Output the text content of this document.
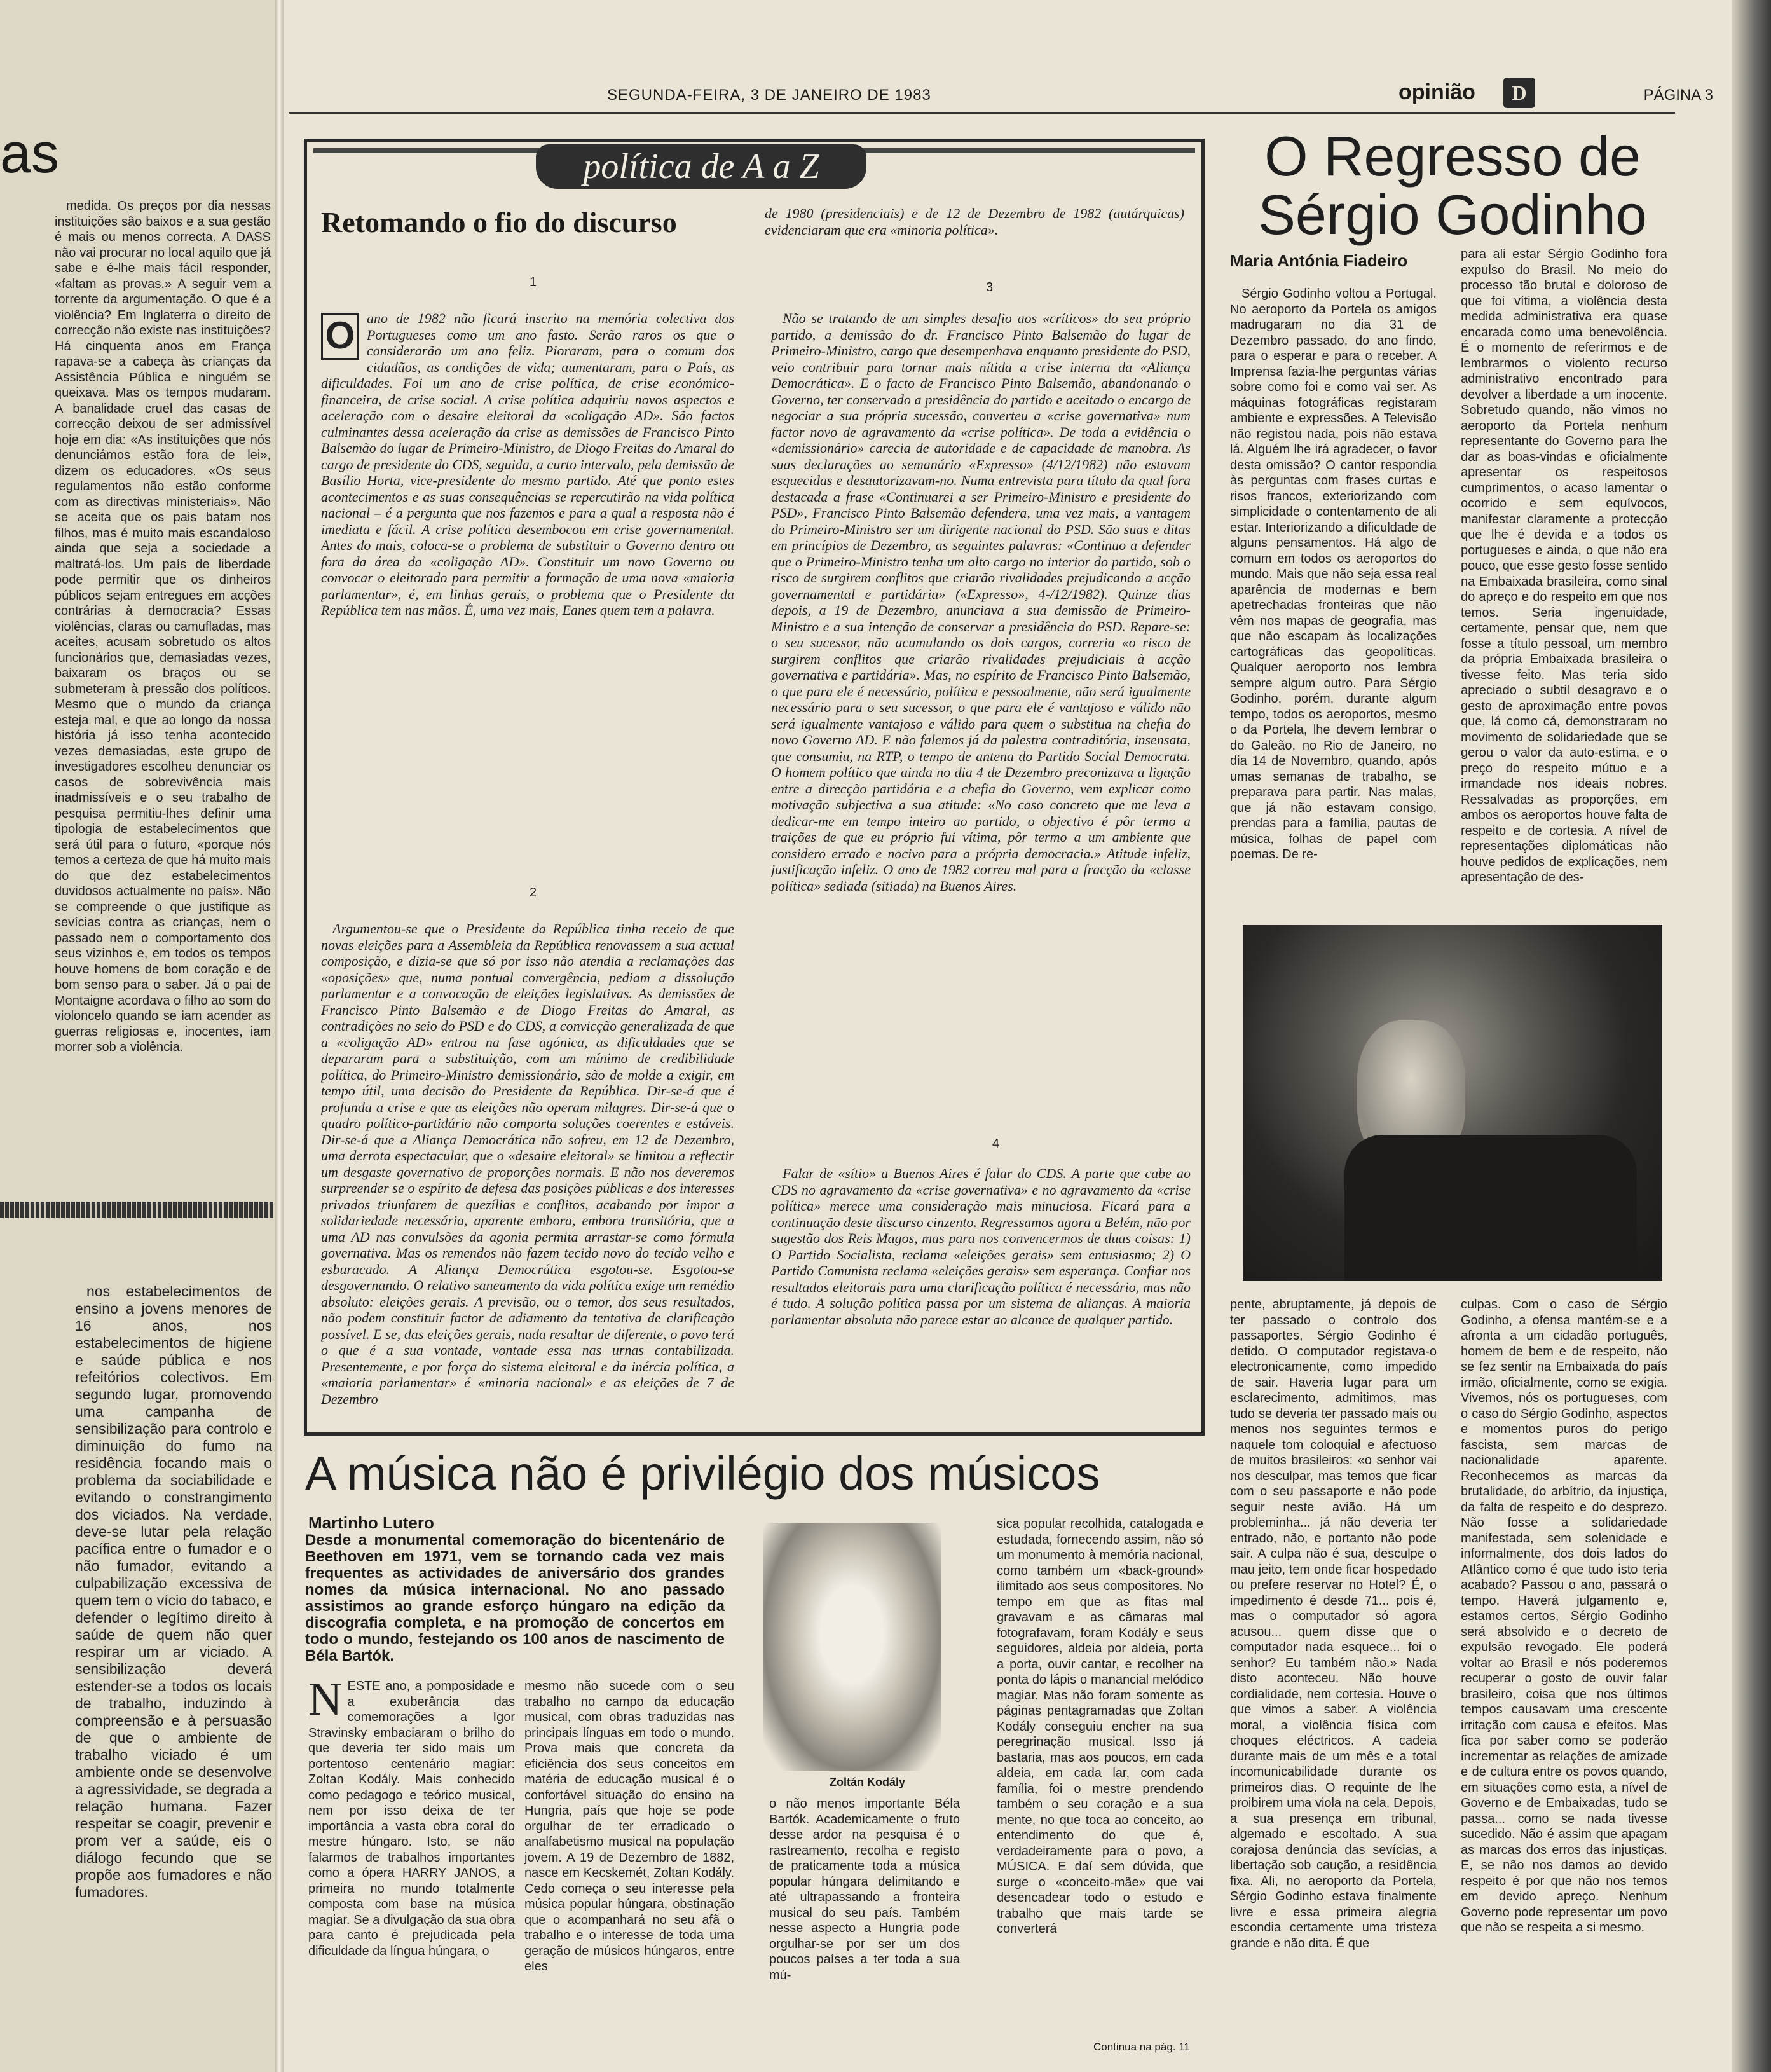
as

medida. Os preços por dia nessas instituições são baixos e a sua gestão é mais ou menos correcta. A DASS não vai procurar no local aquilo que já sabe e é-lhe mais fácil responder, «faltam as provas.» A seguir vem a torrente da argumentação. O que é a violência? Em Inglaterra o direito de correcção não existe nas instituições? Há cinquenta anos em França rapava-se a cabeça às crianças da Assistência Pública e ninguém se queixava. Mas os tempos mudaram. A banalidade cruel das casas de correcção deixou de ser admissível hoje em dia: «As instituições que nós denunciámos estão fora de lei», dizem os educadores. «Os seus regulamentos não estão conforme com as directivas ministeriais». Não se aceita que os pais batam nos filhos, mas é muito mais escandaloso ainda que seja a sociedade a maltratá-los. Um país de liberdade pode permitir que os dinheiros públicos sejam entregues em acções contrárias à democracia? Essas violências, claras ou camufladas, mas aceites, acusam sobretudo os altos funcionários que, demasiadas vezes, baixaram os braços ou se submeteram à pressão dos políticos. Mesmo que o mundo da criança esteja mal, e que ao longo da nossa história já isso tenha acontecido vezes demasiadas, este grupo de investigadores escolheu denunciar os casos de sobrevivência mais inadmissíveis e o seu trabalho de pesquisa permitiu-lhes definir uma tipologia de estabelecimentos que será útil para o futuro, «porque nós temos a certeza de que há muito mais do que dez estabelecimentos duvidosos actualmente no país». Não se compreende o que justifique as sevícias contra as crianças, nem o passado nem o comportamento dos seus vizinhos e, em todos os tempos houve homens de bom coração e de bom senso para o saber. Já o pai de Montaigne acordava o filho ao som do violoncelo quando se iam acender as guerras religiosas e, inocentes, iam morrer sob a violência.

nos estabelecimentos de ensino a jovens menores de 16 anos, nos estabelecimentos de higiene e saúde pública e nos refeitórios colectivos. Em segundo lugar, promovendo uma campanha de sensibilização para controlo e diminuição do fumo na residência focando mais o problema da sociabilidade e evitando o constrangimento dos viciados. Na verdade, deve-se lutar pela relação pacífica entre o fumador e o não fumador, evitando a culpabilização excessiva de quem tem o vício do tabaco, e defender o legítimo direito à saúde de quem não quer respirar um ar viciado. A sensibilização deverá estender-se a todos os locais de trabalho, induzindo à compreensão e à persuasão de que o ambiente de trabalho viciado é um ambiente onde se desenvolve a agressividade, se degrada a relação humana. Fazer respeitar se coagir, prevenir e prom ver a saúde, eis o diálogo fecundo que se propõe aos fumadores e não fumadores.

SEGUNDA-FEIRA, 3 DE JANEIRO DE 1983	opinião	D	PÁGINA 3
política de A a Z
Retomando o fio do discurso
1
O ano de 1982 não ficará inscrito na memória colectiva dos Portugueses como um ano fasto. Serão raros os que o considerarão um ano feliz. Pioraram, para o comum dos cidadãos, as condições de vida; aumentaram, para o País, as dificuldades. Foi um ano de crise política, de crise económico-financeira, de crise social. A crise política adquiriu novos aspectos e aceleração com o desaire eleitoral da «coligação AD». São factos culminantes dessa aceleração da crise as demissões de Francisco Pinto Balsemão do lugar de Primeiro-Ministro, de Diogo Freitas do Amaral do cargo de presidente do CDS, seguida, a curto intervalo, pela demissão de Basílio Horta, vice-presidente do mesmo partido. Até que ponto estes acontecimentos e as suas consequências se repercutirão na vida política nacional – é a pergunta que nos fazemos e para a qual a resposta não é imediata e fácil. A crise política desembocou em crise governamental. Antes do mais, coloca-se o problema de substituir o Governo dentro ou fora da área da «coligação AD». Constituir um novo Governo ou convocar o eleitorado para permitir a formação de uma nova «maioria parlamentar», é, em linhas gerais, o problema que o Presidente da República tem nas mãos. É, uma vez mais, Eanes quem tem a palavra.

2

Argumentou-se que o Presidente da República tinha receio de que novas eleições para a Assembleia da República renovassem a sua actual composição, e dizia-se que só por isso não atendia a reclamações das «oposições» que, numa pontual convergência, pediam a dissolução parlamentar e a convocação de eleições legislativas. As demissões de Francisco Pinto Balsemão e de Diogo Freitas do Amaral, as contradições no seio do PSD e do CDS, a convicção generalizada de que a «coligação AD» entrou na fase agónica, as dificuldades que se depararam para a substituição, com um mínimo de credibilidade política, do Primeiro-Ministro demissionário, são de molde a exigir, em tempo útil, uma decisão do Presidente da República. Dir-se-á que é profunda a crise e que as eleições não operam milagres. Dir-se-á que o quadro político-partidário não comporta soluções coerentes e estáveis. Dir-se-á que a Aliança Democrática não sofreu, em 12 de Dezembro, uma derrota espectacular, que o «desaire eleitoral» se limitou a reflectir um desgaste governativo de proporções normais. E não nos deveremos surpreender se o espírito de defesa das posições públicas e dos interesses privados triunfarem de quezílias e conflitos, acabando por impor a solidariedade necessária, aparente embora, embora transitória, que a uma AD nas convulsões da agonia permita arrastar-se como fórmula governativa. Mas os remendos não fazem tecido novo do tecido velho e esburacado. A Aliança Democrática esgotou-se. Esgotou-se desgovernando. O relativo saneamento da vida política exige um remédio absoluto: eleições gerais. A previsão, ou o temor, dos seus resultados, não podem constituir factor de adiamento da tentativa de clarificação possível. E se, das eleições gerais, nada resultar de diferente, o povo terá o que é a sua vontade, vontade essa nas urnas contabilizada. Presentemente, e por força do sistema eleitoral e da inércia política, a «maioria parlamentar» é «minoria nacional» e as eleições de 7 de Dezembro

de 1980 (presidenciais) e de 12 de Dezembro de 1982 (autárquicas) evidenciaram que era «minoria política».

3

Não se tratando de um simples desafio aos «críticos» do seu próprio partido, a demissão do dr. Francisco Pinto Balsemão do lugar de Primeiro-Ministro, cargo que desempenhava enquanto presidente do PSD, veio contribuir para tornar mais nítida a crise interna da «Aliança Democrática». E o facto de Francisco Pinto Balsemão, abandonando o Governo, ter conservado a presidência do partido e aceitado o encargo de negociar a sua própria sucessão, converteu a «crise governativa» num factor novo de agravamento da «crise política». De toda a evidência o «demissionário» carecia de autoridade e de capacidade de manobra. As suas declarações ao semanário «Expresso» (4/12/1982) não estavam esquecidas e desautorizavam-no. Numa entrevista para título da qual fora destacada a frase «Continuarei a ser Primeiro-Ministro e presidente do PSD», Francisco Pinto Balsemão defendera, uma vez mais, a vantagem do Primeiro-Ministro ser um dirigente nacional do PSD. São suas e ditas em princípios de Dezembro, as seguintes palavras: «Continuo a defender que o Primeiro-Ministro tenha um alto cargo no interior do partido, sob o risco de surgirem conflitos que criarão rivalidades prejudicando a acção governamental e partidária» («Expresso», 4-/12/1982). Quinze dias depois, a 19 de Dezembro, anunciava a sua demissão de Primeiro-Ministro e a sua intenção de conservar a presidência do PSD. Repare-se: o seu sucessor, não acumulando os dois cargos, correria «o risco de surgirem conflitos que criarão rivalidades prejudiciais à acção governativa e partidária». Mas, no espírito de Francisco Pinto Balsemão, o que para ele é necessário, política e pessoalmente, não será igualmente necessário para o seu sucessor, o que para ele é vantajoso e válido não será igualmente vantajoso e válido para quem o substitua na chefia do novo Governo AD. E não falemos já da palestra contraditória, insensata, que consumiu, na RTP, o tempo de antena do Partido Social Democrata. O homem político que ainda no dia 4 de Dezembro preconizava a ligação entre a direcção partidária e a chefia do Governo, vem explicar como motivação subjectiva a sua atitude: «No caso concreto que me leva a dedicar-me em tempo inteiro ao partido, o objectivo é pôr termo a traições de que eu próprio fui vítima, pôr termo a um ambiente que considero errado e nocivo para a própria democracia.» Atitude infeliz, justificação infeliz. O ano de 1982 correu mal para a fracção da «classe política» sediada (sitiada) na Buenos Aires.

4

Falar de «sítio» a Buenos Aires é falar do CDS. A parte que cabe ao CDS no agravamento da «crise governativa» e no agravamento da «crise política» merece uma consideração mais minuciosa. Ficará para a continuação deste discurso cinzento. Regressamos agora a Belém, não por sugestão dos Reis Magos, mas para nos convencermos de duas coisas: 1) O Partido Socialista, reclama «eleições gerais» sem entusiasmo; 2) O Partido Comunista reclama «eleições gerais» sem esperança. Confiar nos resultados eleitorais para uma clarificação política é necessário, mas não é tudo. A solução política passa por um sistema de alianças. A maioria parlamentar absoluta não parece estar ao alcance de qualquer partido.

O Regresso de Sérgio Godinho
Maria Antónia Fiadeiro

Sérgio Godinho voltou a Portugal. No aeroporto da Portela os amigos madrugaram no dia 31 de Dezembro passado, do ano findo, para o esperar e para o receber. A Imprensa fazia-lhe perguntas várias sobre como foi e como vai ser. As máquinas fotográficas registaram ambiente e expressões. A Televisão não registou nada, pois não estava lá. Alguém lhe irá agradecer, o favor desta omissão? O cantor respondia às perguntas com frases curtas e risos francos, exteriorizando com simplicidade o contentamento de ali estar. Interiorizando a dificuldade de alguns pensamentos. Há algo de comum em todos os aeroportos do mundo. Mais que não seja essa real aparência de modernas e bem apetrechadas fronteiras que não vêm nos mapas de geografia, mas que não escapam às localizações cartográficas das geopolíticas. Qualquer aeroporto nos lembra sempre algum outro. Para Sérgio Godinho, porém, durante algum tempo, todos os aeroportos, mesmo o da Portela, lhe devem lembrar o do Galeão, no Rio de Janeiro, no dia 14 de Novembro, quando, após umas semanas de trabalho, se preparava para partir. Nas malas, que já não estavam consigo, prendas para a família, pautas de música, folhas de papel com poemas. De re-

para ali estar Sérgio Godinho fora expulso do Brasil. No meio do processo tão brutal e doloroso de que foi vítima, a violência desta medida administrativa era quase encarada como uma benevolência. É o momento de referirmos e de lembrarmos o violento recurso administrativo encontrado para devolver a liberdade a um inocente. Sobretudo quando, não vimos no aeroporto da Portela nenhum representante do Governo para lhe dar as boas-vindas e oficialmente apresentar os respeitosos cumprimentos, o acaso lamentar o ocorrido e sem equívocos, manifestar claramente a protecção que lhe é devida e a todos os portugueses e ainda, o que não era pouco, que esse gesto fosse sentido na Embaixada brasileira, como sinal do apreço e do respeito em que nos temos. Seria ingenuidade, certamente, pensar que, nem que fosse a título pessoal, um membro da própria Embaixada brasileira o tivesse feito. Mas teria sido apreciado o subtil desagravo e o gesto de aproximação entre povos que, lá como cá, demonstraram no movimento de solidariedade que se gerou o valor da auto-estima, e o preço do respeito mútuo e a irmandade nos ideais nobres. Ressalvadas as proporções, em ambos os aeroportos houve falta de respeito e de cortesia. A nível de representações diplomáticas não houve pedidos de explicações, nem apresentação de des-

pente, abruptamente, já depois de ter passado o controlo dos passaportes, Sérgio Godinho é detido. O computador registava-o electronicamente, como impedido de sair. Haveria lugar para um esclarecimento, admitimos, mas tudo se deveria ter passado mais ou menos nos seguintes termos e naquele tom coloquial e afectuoso de muitos brasileiros: «o senhor vai nos desculpar, mas temos que ficar com o seu passaporte e não pode seguir neste avião. Há um probleminha... já não deveria ter entrado, não, e portanto não pode sair. A culpa não é sua, desculpe o mau jeito, tem onde ficar hospedado ou prefere reservar no Hotel? É, o impedimento é desde 71... pois é, mas o computador só agora acusou... quem disse que o computador nada esquece... foi o senhor? Eu também não.» Nada disto aconteceu. Não houve cordialidade, nem cortesia. Houve o que vimos a saber. A violência moral, a violência física com choques eléctricos. A cadeia durante mais de um mês e a total incomunicabilidade durante os primeiros dias. O requinte de lhe proibirem uma viola na cela. Depois, a sua presença em tribunal, algemado e escoltado. A sua corajosa denúncia das sevícias, a libertação sob caução, a residência fixa. Ali, no aeroporto da Portela, Sérgio Godinho estava finalmente livre e essa primeira alegria escondia certamente uma tristeza grande e não dita. É que

culpas. Com o caso de Sérgio Godinho, a ofensa mantém-se e a afronta a um cidadão português, homem de bem e de respeito, não se fez sentir na Embaixada do país irmão, oficialmente, como se exigia. Vivemos, nós os portugueses, com o caso do Sérgio Godinho, aspectos e momentos puros do perigo fascista, sem marcas de nacionalidade aparente. Reconhecemos as marcas da brutalidade, do arbítrio, da injustiça, da falta de respeito e do desprezo. Não fosse a solidariedade manifestada, sem solenidade e informalmente, dos dois lados do Atlântico como é que tudo isto teria acabado? Passou o ano, passará o tempo. Haverá julgamento e, estamos certos, Sérgio Godinho será absolvido e o decreto de expulsão revogado. Ele poderá voltar ao Brasil e nós poderemos recuperar o gosto de ouvir falar brasileiro, coisa que nos últimos tempos causavam uma crescente irritação com causa e efeitos. Mas fica por saber como se poderão incrementar as relações de amizade e de cultura entre os povos quando, em situações como esta, a nível de Governo e de Embaixadas, tudo se passa... como se nada tivesse sucedido. Não é assim que apagam as marcas dos erros das injustiças. E, se não nos damos ao devido respeito é por que não nos temos em devido apreço. Nenhum Governo pode representar um povo que não se respeita a si mesmo.

A música não é privilégio dos músicos
Martinho Lutero
Desde a monumental comemoração do bicentenário de Beethoven em 1971, vem se tornando cada vez mais frequentes as actividades de aniversário dos grandes nomes da música internacional. No ano passado assistimos ao grande esforço húngaro na edição da discografia completa, e na promoção de concertos em todo o mundo, festejando os 100 anos de nascimento de Béla Bartók.
N ESTE ano, a pomposidade e a exuberância das comemorações a Igor Stravinsky embaciaram o brilho do que deveria ter sido mais um portentoso centenário magiar: Zoltan Kodály. Mais conhecido como pedagogo e teórico musical, nem por isso deixa de ter importância a vasta obra coral do mestre húngaro. Isto, se não falarmos de trabalhos importantes como a ópera HARRY JANOS, a primeira no mundo totalmente composta com base na música magiar. Se a divulgação da sua obra para canto é prejudicada pela dificuldade da língua húngara, o

mesmo não sucede com o seu trabalho no campo da educação musical, com obras traduzidas nas principais línguas em todo o mundo. Prova mais que concreta da eficiência dos seus conceitos em matéria de educação musical é o confortável situação do ensino na Hungria, país que hoje se pode orgulhar de ter erradicado o analfabetismo musical na população jovem. A 19 de Dezembro de 1882, nasce em Kecskemét, Zoltan Kodály. Cedo começa o seu interesse pela música popular húngara, obstinação que o acompanhará no seu afã o trabalho e o interesse de toda uma geração de músicos húngaros, entre eles

Zoltán Kodály

o não menos importante Béla Bartók. Academicamente o fruto desse ardor na pesquisa é o rastreamento, recolha e registo de praticamente toda a música popular húngara delimitando e até ultrapassando a fronteira musical do seu país. Também nesse aspecto a Hungria pode orgulhar-se por ser um dos poucos países a ter toda a sua mú-

sica popular recolhida, catalogada e estudada, fornecendo assim, não só um monumento à memória nacional, como também um «back-ground» ilimitado aos seus compositores. No tempo em que as fitas mal gravavam e as câmaras mal fotografavam, foram Kodály e seus seguidores, aldeia por aldeia, porta a porta, ouvir cantar, e recolher na ponta do lápis o manancial melódico magiar. Mas não foram somente as páginas pentagramadas que Zoltan Kodály conseguiu encher na sua peregrinação musical. Isso já bastaria, mas aos poucos, em cada aldeia, em cada lar, com cada família, foi o mestre prendendo também o seu coração e a sua mente, no que toca ao conceito, ao entendimento do que é, verdadeiramente para o povo, a MÚSICA. E daí sem dúvida, que surge o «conceito-mãe» que vai desencadear todo o estudo e trabalho que mais tarde se converterá

Continua na pág. 11
